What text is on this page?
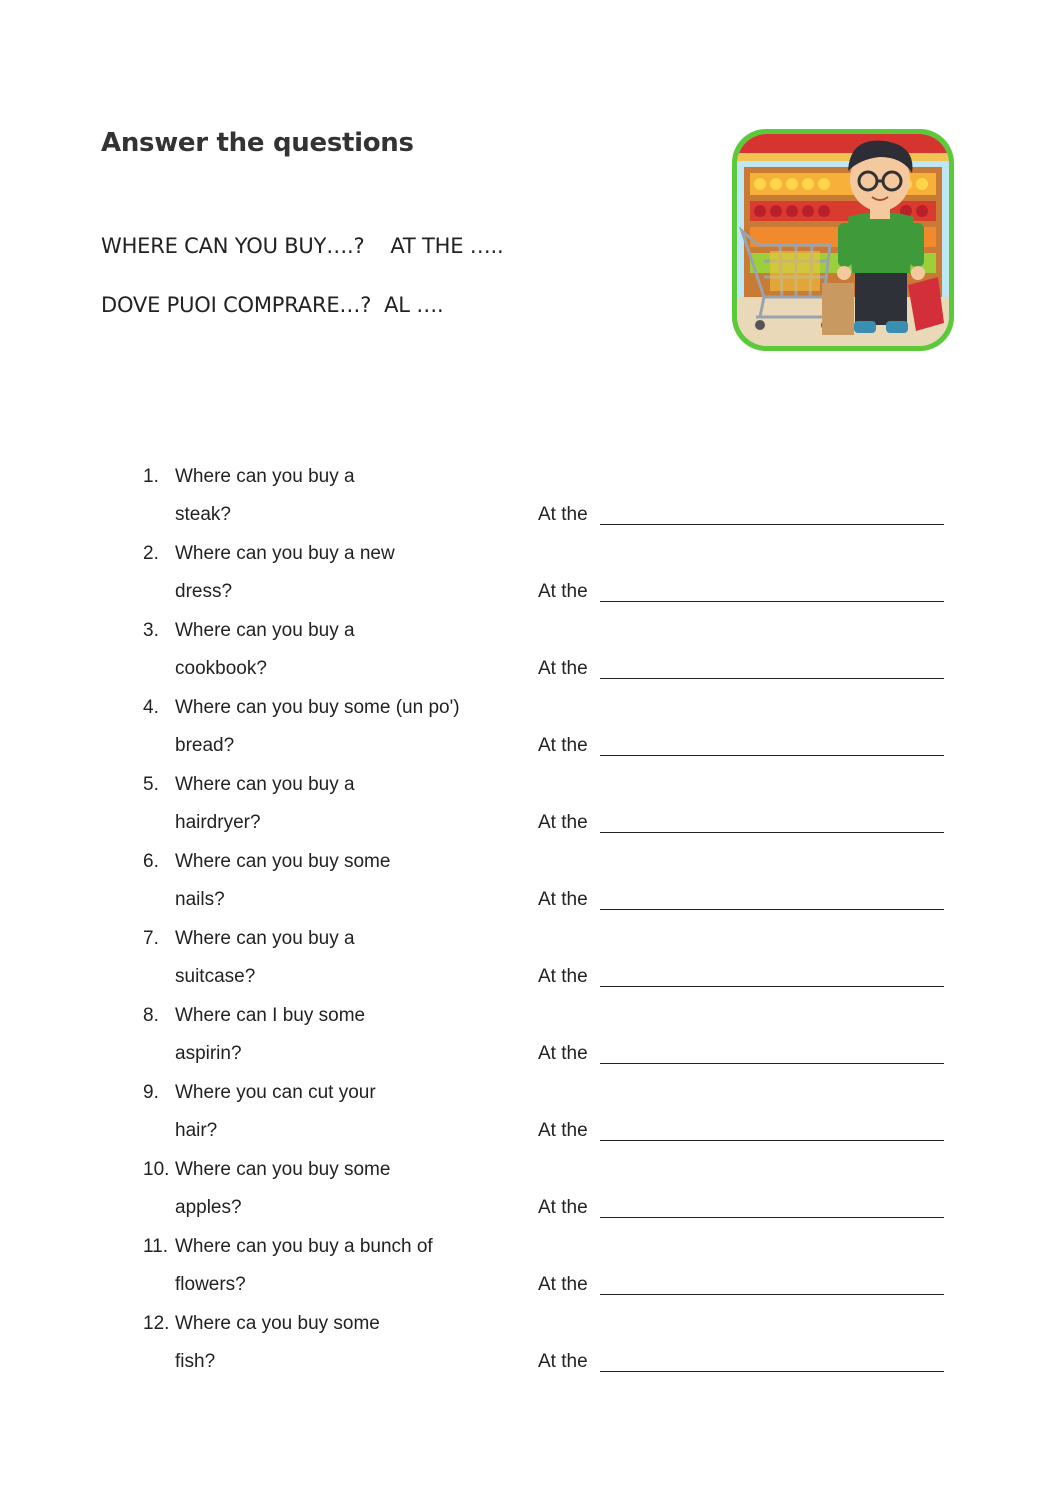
Answer the questions
WHERE CAN YOU BUY….?    AT THE …..
DOVE PUOI COMPRARE…?  AL ….
1. Where can you buy a
steak?	At the
2. Where can you buy a new
dress?	At the
3. Where can you buy a
cookbook?	At the
4. Where can you buy some (un po')
bread?	At the
5. Where can you buy a
hairdryer?	At the
6. Where can you buy some
nails?	At the
7. Where can you buy a
suitcase?	At the
8. Where can I buy some
aspirin?	At the
9. Where you can cut your
hair?	At the
10. Where can you buy some
apples?	At the
11. Where can you buy a bunch of
flowers?	At the
12. Where ca you buy some
fish?	At the
